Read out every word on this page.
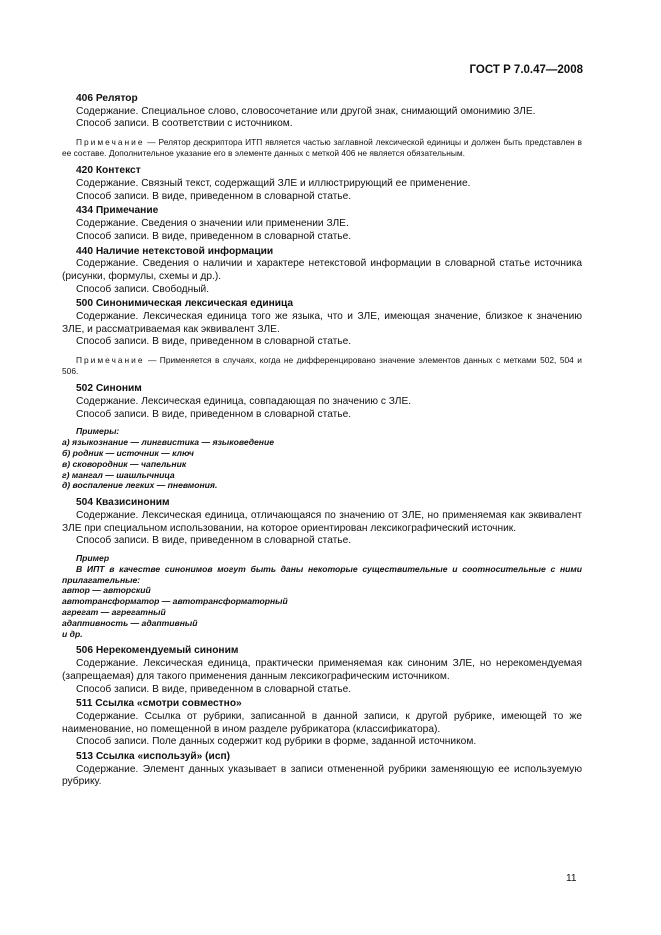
ГОСТ Р 7.0.47—2008
406 Релятор
Содержание. Специальное слово, словосочетание или другой знак, снимающий омонимию ЗЛЕ.
Способ записи. В соответствии с источником.
Примечание — Релятор дескриптора ИТП является частью заглавной лексической единицы и должен быть представлен в ее составе. Дополнительное указание его в элементе данных с меткой 406 не является обязательным.
420 Контекст
Содержание. Связный текст, содержащий ЗЛЕ и иллюстрирующий ее применение.
Способ записи. В виде, приведенном в словарной статье.
434 Примечание
Содержание. Сведения о значении или применении ЗЛЕ.
Способ записи. В виде, приведенном в словарной статье.
440 Наличие нетекстовой информации
Содержание. Сведения о наличии и характере нетекстовой информации в словарной статье источника (рисунки, формулы, схемы и др.).
Способ записи. Свободный.
500 Синонимическая лексическая единица
Содержание. Лексическая единица того же языка, что и ЗЛЕ, имеющая значение, близкое к значению ЗЛЕ, и рассматриваемая как эквивалент ЗЛЕ.
Способ записи. В виде, приведенном в словарной статье.
Примечание — Применяется в случаях, когда не дифференцировано значение элементов данных с метками 502, 504 и 506.
502 Синоним
Содержание. Лексическая единица, совпадающая по значению с ЗЛЕ.
Способ записи. В виде, приведенном в словарной статье.
Примеры:
а) языкознание — лингвистика — языковедение
б) родник — источник — ключ
в) сковородник — чапельник
г) мангал — шашлычница
д) воспаление легких — пневмония.
504 Квазисиноним
Содержание. Лексическая единица, отличающаяся по значению от ЗЛЕ, но применяемая как эквивалент ЗЛЕ при специальном использовании, на которое ориентирован лексикографический источник.
Способ записи. В виде, приведенном в словарной статье.
Пример
В ИПТ в качестве синонимов могут быть даны некоторые существительные и соотносительные с ними прилагательные:
автор — авторский
автотрансформатор — автотрансформаторный
агрегат — агрегатный
адаптивность — адаптивный
и др.
506 Нерекомендуемый синоним
Содержание. Лексическая единица, практически применяемая как синоним ЗЛЕ, но нерекомендуемая (запрещаемая) для такого применения данным лексикографическим источником.
Способ записи. В виде, приведенном в словарной статье.
511 Ссылка «смотри совместно»
Содержание. Ссылка от рубрики, записанной в данной записи, к другой рубрике, имеющей то же наименование, но помещенной в ином разделе рубрикатора (классификатора).
Способ записи. Поле данных содержит код рубрики в форме, заданной источником.
513 Ссылка «используй» (исп)
Содержание. Элемент данных указывает в записи отмененной рубрики заменяющую ее используемую рубрику.
11
